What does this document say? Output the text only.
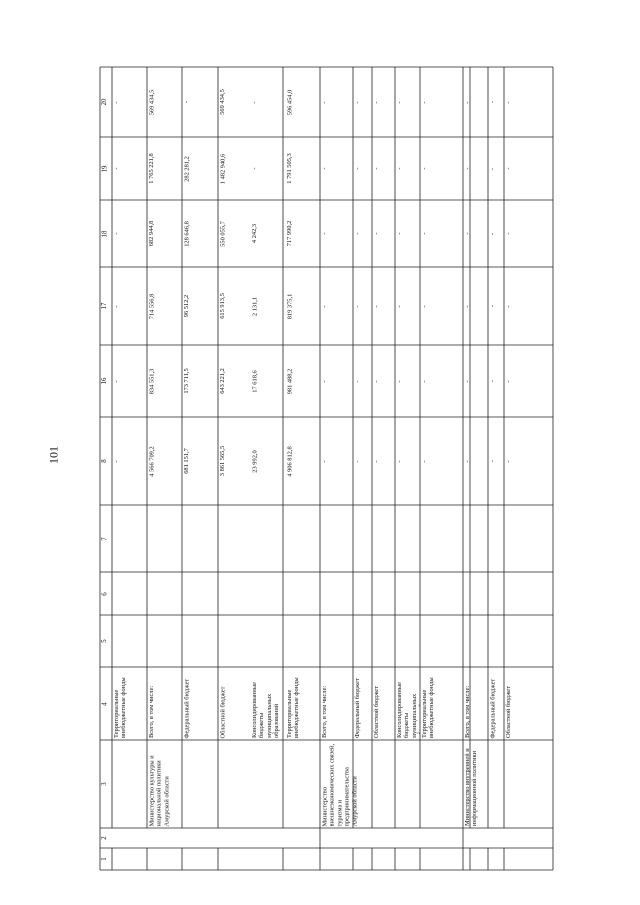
101
1
2
3
4
5
6
7
8
16
17
18
19
20
Территориальные внебюджетные фонды
-
-
-
-
-
-
Министерство культуры и национальной политики Амурской области
Всего, в том числе:
4 566 709,2
834 551,3
714 556,8
682 944,8
1 765 221,8
569 434,5
Федеральный бюджет
681 151,7
173 711,5
96 512,2
128 646,8
282 281,2
-
Областной бюджет
3 861 565,5
643 221,2
615 913,5
550 055,7
1 482 940,6
569 434,5
Консолидированные бюджеты муниципальных образований
23 992,0
17 618,6
2 131,1
4 242,3
-
-
Территориальные внебюджетные фонды
4 906 812,8
981 488,2
819 375,1
717 990,2
1 791 505,3
596 454,0
Министерство внешнеэкономических связей, туризма и предпринимательства Амурской области
Всего, в том числе:
-
-
-
-
-
-
Федеральный бюджет
-
-
-
-
-
-
Областной бюджет
-
-
-
-
-
-
Консолидированные бюджеты муниципальных
-
-
-
-
-
-
Территориальные внебюджетные фонды
-
-
-
-
-
-
Министерство внутренней и информационной политики
Всего, в том числе:
-
-
-
-
-
-
Федеральный бюджет
-
-
-
-
-
-
Областной бюджет
-
-
-
-
-
-
